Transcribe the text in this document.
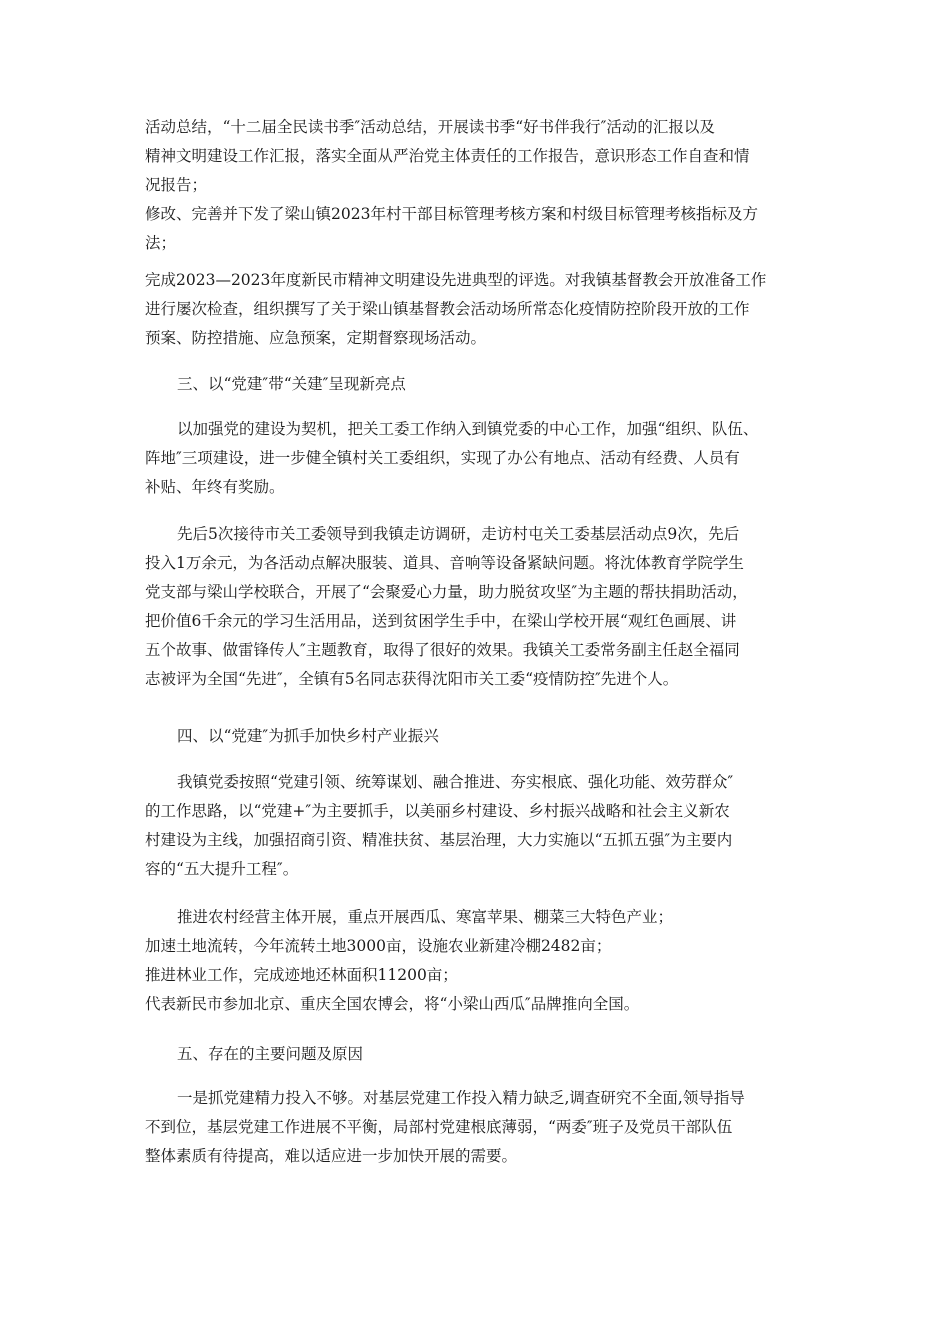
活动总结，“十二届全民读书季″活动总结，开展读书季“好书伴我行″活动的汇报以及
精神文明建设工作汇报，落实全面从严治党主体责任的工作报告，意识形态工作自查和情
况报告；
修改、完善并下发了梁山镇2023年村干部目标管理考核方案和村级目标管理考核指标及方
法；
完成2023—2023年度新民市精神文明建设先进典型的评选。对我镇基督教会开放准备工作
进行屡次检查，组织撰写了关于梁山镇基督教会活动场所常态化疫情防控阶段开放的工作
预案、防控措施、应急预案，定期督察现场活动。
三、以“党建″带“关建″呈现新亮点
以加强党的建设为契机，把关工委工作纳入到镇党委的中心工作，加强“组织、队伍、
阵地″三项建设，进一步健全镇村关工委组织，实现了办公有地点、活动有经费、人员有
补贴、年终有奖励。
先后5次接待市关工委领导到我镇走访调研，走访村屯关工委基层活动点9次，先后
投入1万余元，为各活动点解决服装、道具、音响等设备紧缺问题。将沈体教育学院学生
党支部与梁山学校联合，开展了“会聚爱心力量，助力脱贫攻坚″为主题的帮扶捐助活动，
把价值6千余元的学习生活用品，送到贫困学生手中，在梁山学校开展“观红色画展、讲
五个故事、做雷锋传人″主题教育，取得了很好的效果。我镇关工委常务副主任赵全福同
志被评为全国“先进″，全镇有5名同志获得沈阳市关工委“疫情防控″先进个人。
四、以“党建″为抓手加快乡村产业振兴
我镇党委按照“党建引领、统筹谋划、融合推进、夯实根底、强化功能、效劳群众″
的工作思路，以“党建+″为主要抓手，以美丽乡村建设、乡村振兴战略和社会主义新农
村建设为主线，加强招商引资、精准扶贫、基层治理，大力实施以“五抓五强″为主要内
容的“五大提升工程″。
推进农村经营主体开展，重点开展西瓜、寒富苹果、棚菜三大特色产业；
加速土地流转，今年流转土地3000亩，设施农业新建冷棚2482亩；
推进林业工作，完成迹地还林面积11200亩；
代表新民市参加北京、重庆全国农博会，将“小梁山西瓜″品牌推向全国。
五、存在的主要问题及原因
一是抓党建精力投入不够。对基层党建工作投入精力缺乏,调查研究不全面,领导指导
不到位，基层党建工作进展不平衡，局部村党建根底薄弱，“两委″班子及党员干部队伍
整体素质有待提高，难以适应进一步加快开展的需要。
